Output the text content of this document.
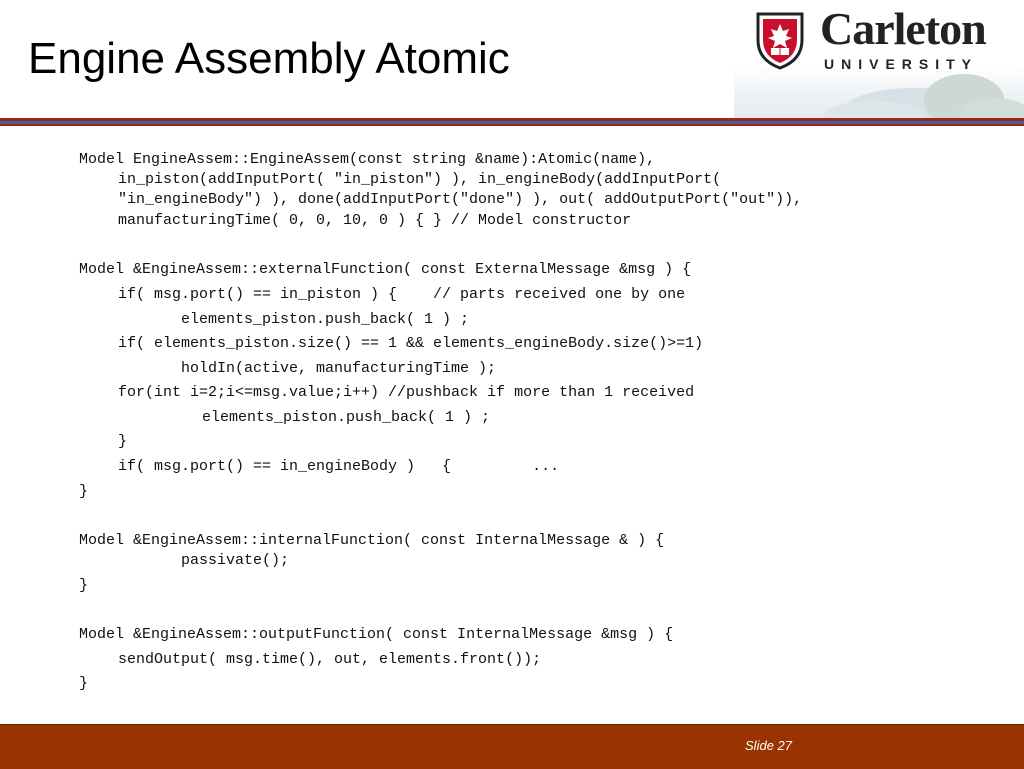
Engine Assembly Atomic
Carleton
UNIVERSITY
Model EngineAssem::EngineAssem(const string &name):Atomic(name),
in_piston(addInputPort( "in_piston") ), in_engineBody(addInputPort(
"in_engineBody") ), done(addInputPort("done") ), out( addOutputPort("out")),
manufacturingTime( 0, 0, 10, 0 ) { } // Model constructor
Model &EngineAssem::externalFunction( const ExternalMessage &msg ) {
if( msg.port() == in_piston ) {    // parts received one by one
elements_piston.push_back( 1 ) ;
if( elements_piston.size() == 1 && elements_engineBody.size()>=1)
holdIn(active, manufacturingTime );
for(int i=2;i<=msg.value;i++) //pushback if more than 1 received
elements_piston.push_back( 1 ) ;
}
if( msg.port() == in_engineBody )   {         ...
}
Model &EngineAssem::internalFunction( const InternalMessage & ) {
passivate();
}
Model &EngineAssem::outputFunction( const InternalMessage &msg ) {
sendOutput( msg.time(), out, elements.front());
}
Slide 27
